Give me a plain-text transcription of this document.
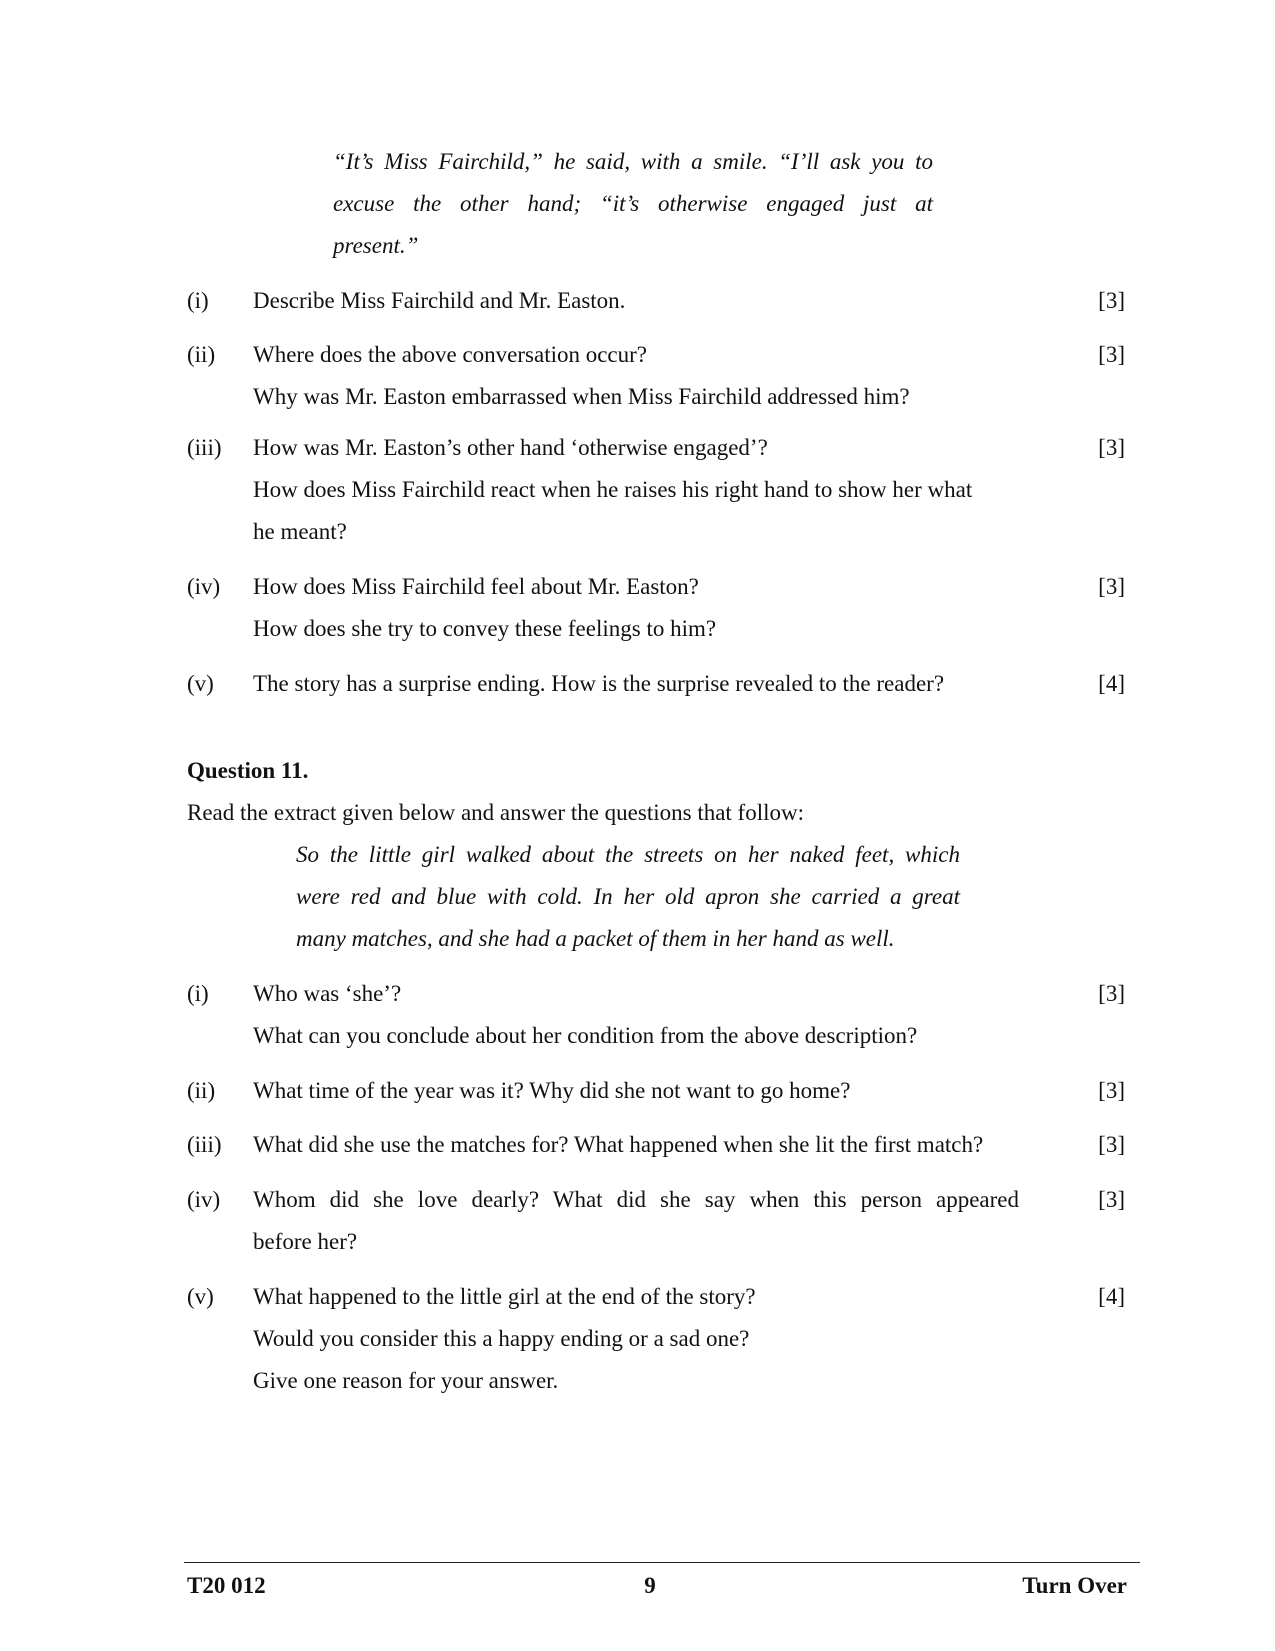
“It’s Miss Fairchild,” he said, with a smile. “I’ll ask you to
excuse the other hand; “it’s otherwise engaged just at
present.”
(i) Describe Miss Fairchild and Mr. Easton.	[3]
(ii) Where does the above conversation occur?
Why was Mr. Easton embarrassed when Miss Fairchild addressed him?
[3]
(iii) How was Mr. Easton’s other hand ‘otherwise engaged’?
How does Miss Fairchild react when he raises his right hand to show her what
he meant?
[3]
(iv) How does Miss Fairchild feel about Mr. Easton?
How does she try to convey these feelings to him?
[3]
(v) The story has a surprise ending. How is the surprise revealed to the reader?	[4]
Question 11.
Read the extract given below and answer the questions that follow:
So the little girl walked about the streets on her naked feet, which
were red and blue with cold. In her old apron she carried a great
many matches, and she had a packet of them in her hand as well.
(i) Who was ‘she’?
What can you conclude about her condition from the above description?
[3]
(ii) What time of the year was it? Why did she not want to go home?	[3]
(iii) What did she use the matches for? What happened when she lit the first match?	[3]
(iv) Whom did she love dearly? What did she say when this person appeared
before her?
[3]
(v) What happened to the little girl at the end of the story?
Would you consider this a happy ending or a sad one?
Give one reason for your answer.
[4]
T20 012	9	Turn Over
